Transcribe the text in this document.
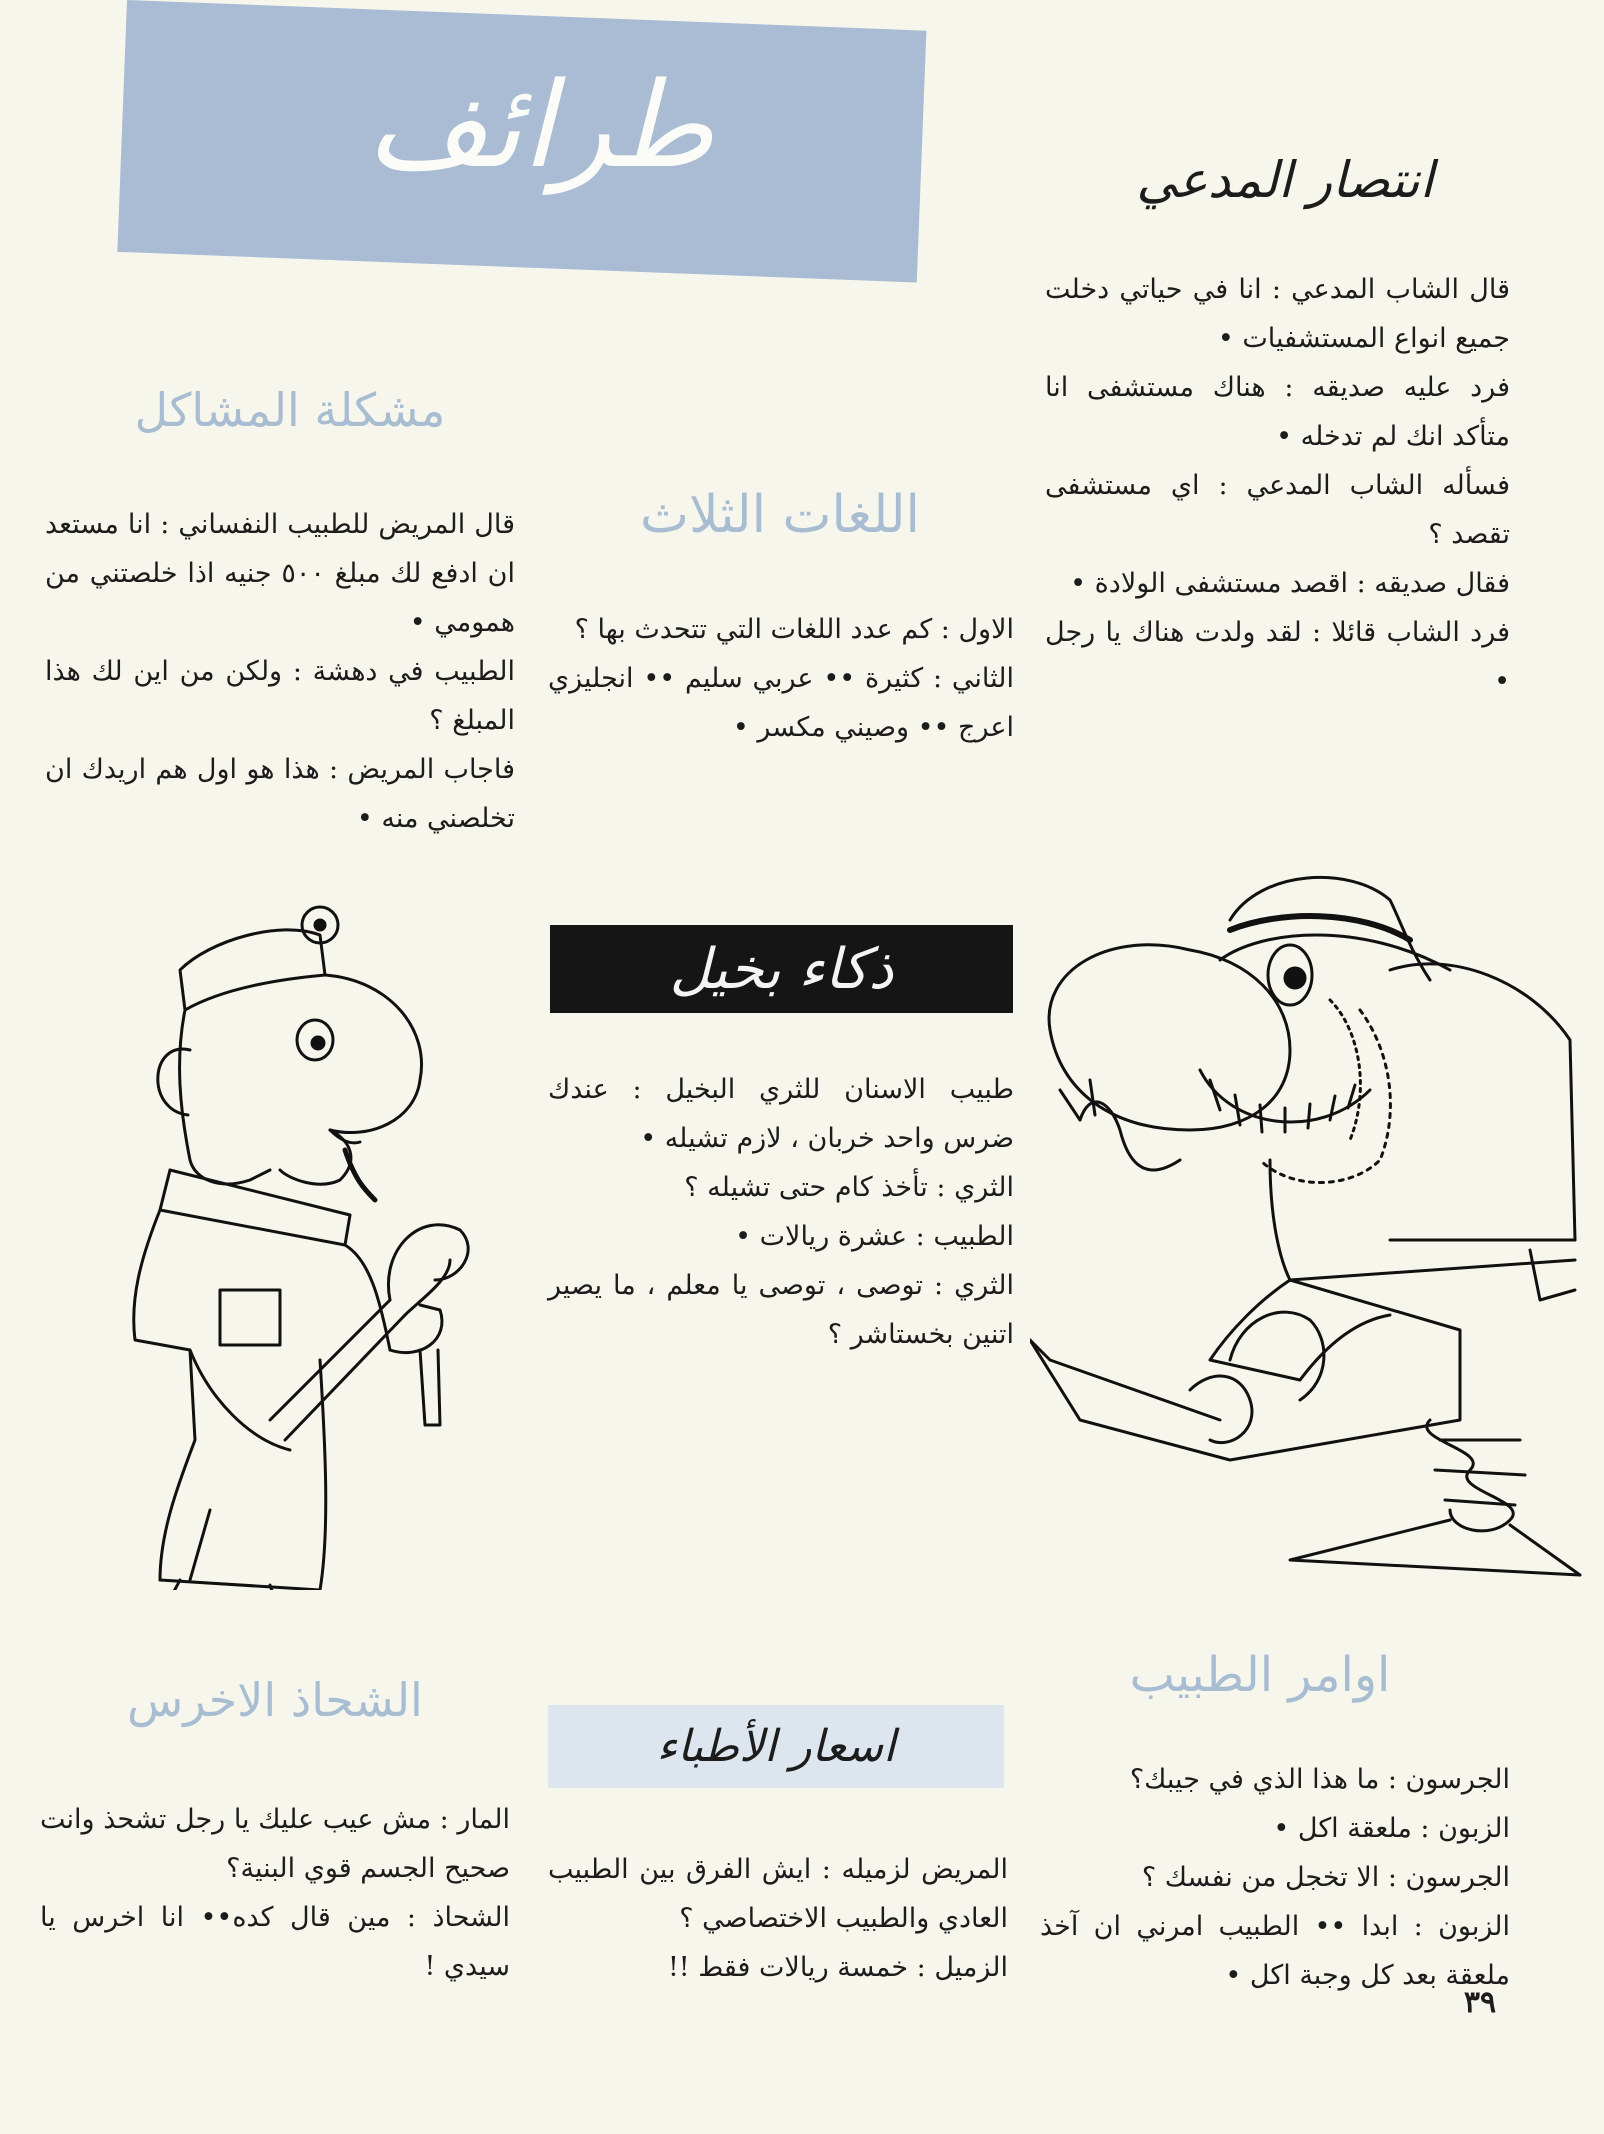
طرائف	انتصار المدعي

قال الشاب المدعي : انا في حياتي دخلت جميع انواع المستشفيات •

فرد عليه صديقه : هناك مستشفى انا متأكد انك لم تدخله •

فسأله الشاب المدعي : اي مستشفى تقصد ؟

فقال صديقه : اقصد مستشفى الولادة •

فرد الشاب قائلا : لقد ولدت هناك يا رجل •

مشكلة المشاكل

قال المريض للطبيب النفساني : انا مستعد ان ادفع لك مبلغ ٥٠٠ جنيه اذا خلصتني من همومي •

الطبيب في دهشة : ولكن من اين لك هذا المبلغ ؟

فاجاب المريض : هذا هو اول هم اريدك ان تخلصني منه •

اللغات الثلاث

الاول : كم عدد اللغات التي تتحدث بها ؟

الثاني : كثيرة •• عربي سليم •• انجليزي اعرج •• وصيني مكسر •

ذكاء بخيل

طبيب الاسنان للثري البخيل : عندك ضرس واحد خربان ، لازم تشيله •

الثري : تأخذ كام حتى تشيله ؟

الطبيب : عشرة ريالات •

الثري : توصى ، توصى يا معلم ، ما يصير اتنين بخستاشر ؟

اوامر الطبيب

الجرسون : ما هذا الذي في جيبك؟

الزبون : ملعقة اكل •

الجرسون : الا تخجل من نفسك ؟

الزبون : ابدا •• الطبيب امرني ان آخذ ملعقة بعد كل وجبة اكل •

اسعار الأطباء

المريض لزميله : ايش الفرق بين الطبيب العادي والطبيب الاختصاصي ؟

الزميل : خمسة ريالات فقط !!

الشحاذ الاخرس

المار : مش عيب عليك يا رجل تشحذ وانت صحيح الجسم قوي البنية؟

الشحاذ : مين قال كده•• انا اخرس يا سيدي !

٣٩
